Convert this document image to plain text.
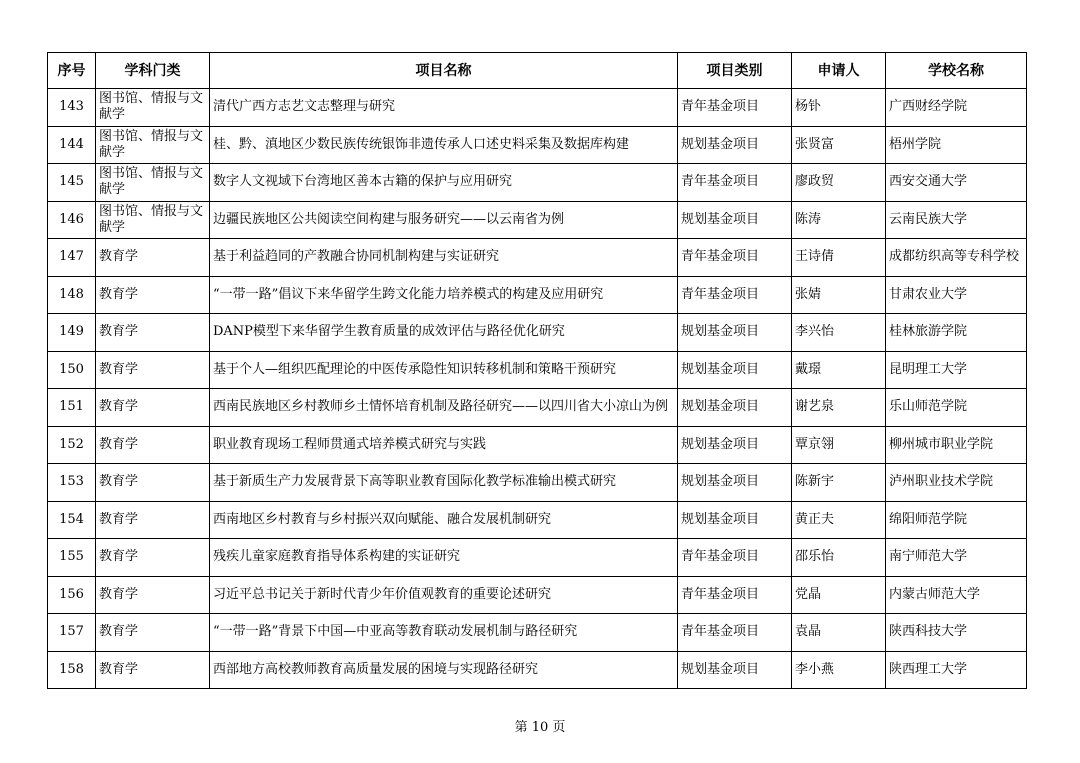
序号	学科门类	项目名称	项目类别	申请人	学校名称
143	图书馆、情报与文献学	清代广西方志艺文志整理与研究	青年基金项目	杨钋	广西财经学院
144	图书馆、情报与文献学	桂、黔、滇地区少数民族传统银饰非遗传承人口述史料采集及数据库构建	规划基金项目	张贤富	梧州学院
145	图书馆、情报与文献学	数字人文视域下台湾地区善本古籍的保护与应用研究	青年基金项目	廖政贸	西安交通大学
146	图书馆、情报与文献学	边疆民族地区公共阅读空间构建与服务研究——以云南省为例	规划基金项目	陈涛	云南民族大学
147	教育学	基于利益趋同的产教融合协同机制构建与实证研究	青年基金项目	王诗倩	成都纺织高等专科学校
148	教育学	“一带一路”倡议下来华留学生跨文化能力培养模式的构建及应用研究	青年基金项目	张婧	甘肃农业大学
149	教育学	DANP模型下来华留学生教育质量的成效评估与路径优化研究	规划基金项目	李兴怡	桂林旅游学院
150	教育学	基于个人—组织匹配理论的中医传承隐性知识转移机制和策略干预研究	规划基金项目	戴璟	昆明理工大学
151	教育学	西南民族地区乡村教师乡土情怀培育机制及路径研究——以四川省大小凉山为例	规划基金项目	谢艺泉	乐山师范学院
152	教育学	职业教育现场工程师贯通式培养模式研究与实践	规划基金项目	覃京翎	柳州城市职业学院
153	教育学	基于新质生产力发展背景下高等职业教育国际化教学标准输出模式研究	规划基金项目	陈新宇	泸州职业技术学院
154	教育学	西南地区乡村教育与乡村振兴双向赋能、融合发展机制研究	规划基金项目	黄正夫	绵阳师范学院
155	教育学	残疾儿童家庭教育指导体系构建的实证研究	青年基金项目	邵乐怡	南宁师范大学
156	教育学	习近平总书记关于新时代青少年价值观教育的重要论述研究	青年基金项目	党晶	内蒙古师范大学
157	教育学	“一带一路”背景下中国—中亚高等教育联动发展机制与路径研究	青年基金项目	袁晶	陕西科技大学
158	教育学	西部地方高校教师教育高质量发展的困境与实现路径研究	规划基金项目	李小燕	陕西理工大学
第 10 页
